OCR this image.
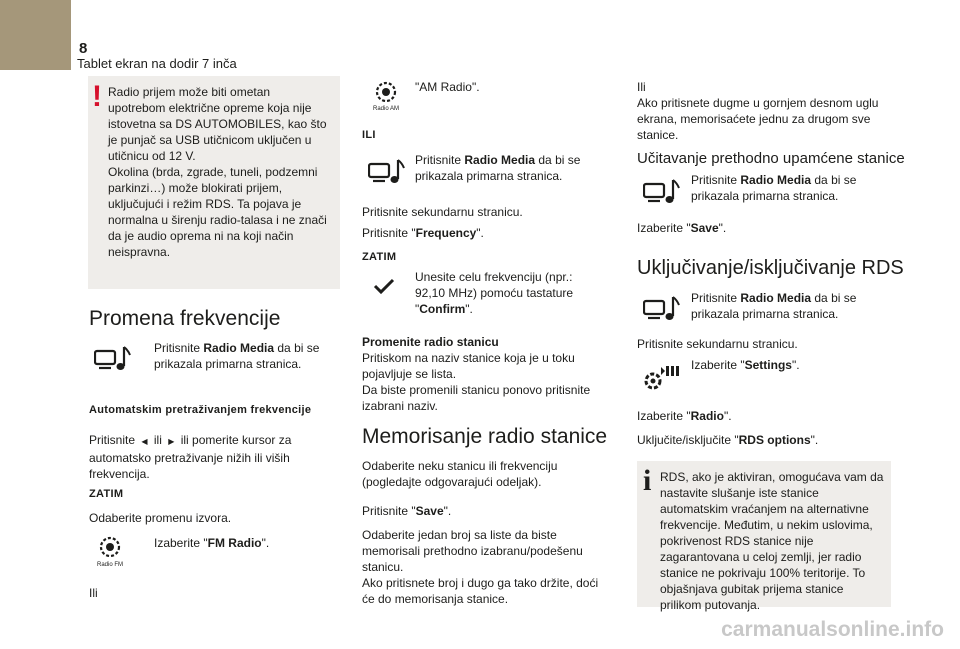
8
Tablet ekran na dodir 7 inča
! Radio prijem može biti ometan upotrebom električne opreme koja nije istovetna sa DS AUTOMOBILES, kao što je punjač sa USB utičnicom uključen u utičnicu od 12 V.
Okolina (brda, zgrade, tuneli, podzemni parkinzi…) može blokirati prijem, uključujući i režim RDS. Ta pojava je normalna u širenju radio-talasa i ne znači da je audio oprema ni na koji način neispravna.
Promena frekvencije
Pritisnite Radio Media da bi se prikazala primarna stranica.
Automatskim pretraživanjem frekvencije
Pritisnite ◀ ili ▶ ili pomerite kursor za automatsko pretraživanje nižih ili viših frekvencija.
ZATIM
Odaberite promenu izvora.
Radio FM
Izaberite "FM Radio".
Ili
Radio AM
"AM Radio".
ILI
Pritisnite Radio Media da bi se prikazala primarna stranica.
Pritisnite sekundarnu stranicu.
Pritisnite "Frequency".
ZATIM
Unesite celu frekvenciju (npr.: 92,10 MHz) pomoću tastature "Confirm".
Promenite radio stanicu
Pritiskom na naziv stanice koja je u toku pojavljuje se lista.
Da biste promenili stanicu ponovo pritisnite izabrani naziv.
Memorisanje radio stanice
Odaberite neku stanicu ili frekvenciju (pogledajte odgovarajući odeljak).
Pritisnite "Save".
Odaberite jedan broj sa liste da biste memorisali prethodno izabranu/podešenu stanicu.
Ako pritisnete broj i dugo ga tako držite, doći će do memorisanja stanice.
Ili
Ako pritisnete dugme u gornjem desnom uglu ekrana, memorisaćete jednu za drugom sve stanice.
Učitavanje prethodno upamćene stanice
Pritisnite Radio Media da bi se prikazala primarna stranica.
Izaberite "Save".
Uključivanje/isključivanje RDS
Pritisnite Radio Media da bi se prikazala primarna stranica.
Pritisnite sekundarnu stranicu.
Izaberite "Settings".
Izaberite "Radio".
Uključite/isključite "RDS options".
i RDS, ako je aktiviran, omogućava vam da nastavite slušanje iste stanice automatskim vraćanjem na alternativne frekvencije. Međutim, u nekim uslovima, pokrivenost RDS stanice nije zagarantovana u celoj zemlji, jer radio stanice ne pokrivaju 100% teritorije. To objašnjava gubitak prijema stanice prilikom putovanja.
carmanualsonline.info
